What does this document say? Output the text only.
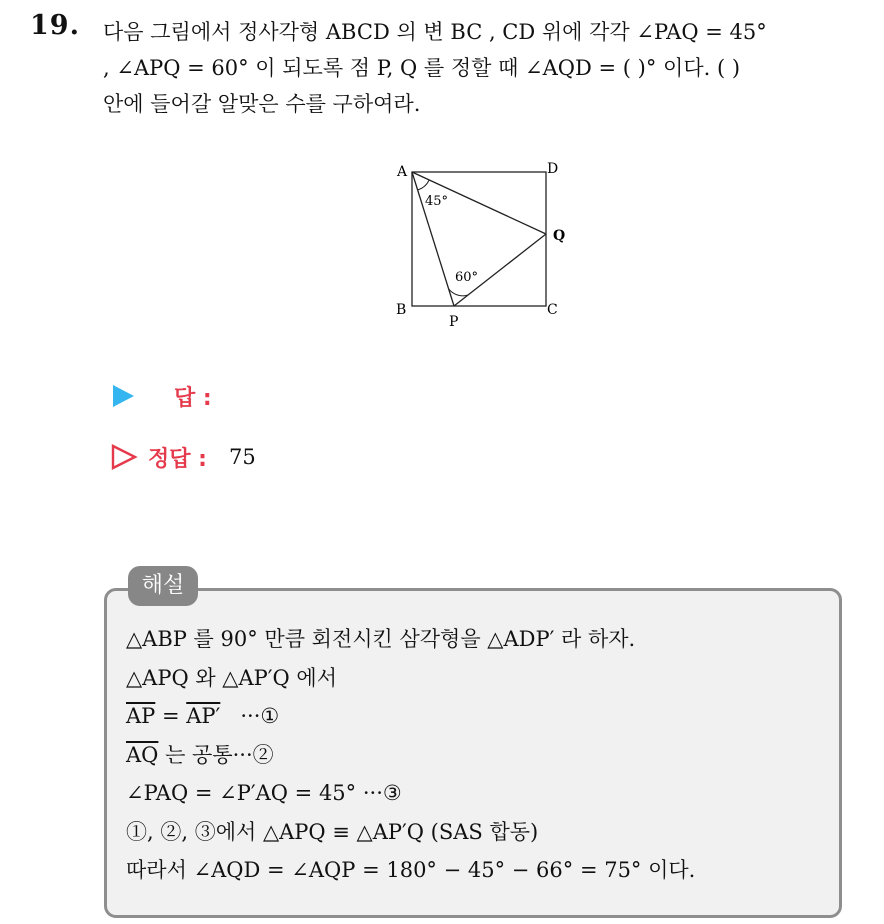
19. 다음 그림에서 정사각형 ABCD 의 변 BC , CD 위에 각각 ∠PAQ = 45°
, ∠APQ = 60° 이 되도록 점 P, Q 를 정할 때 ∠AQD = ( )° 이다. ( )
안에 들어갈 알맞은 수를 구하여라.
A	D
Q
B	C
P
45°
60°
답 :
정답 : 75
해설
△ABP 를 90° 만큼 회전시킨 삼각형을 △ADP′ 라 하자.
△APQ 와 △AP′Q 에서
$\overline{AP} = AP'$ ···①
$\overline{AQ}$ 는 공통···②
∠PAQ = ∠P′AQ = 45° ···③
①, ②, ③에서 △APQ ≡ △AP′Q (SAS 합동)
따라서 ∠AQD = ∠AQP = 180° − 45° − 66° = 75° 이다.
